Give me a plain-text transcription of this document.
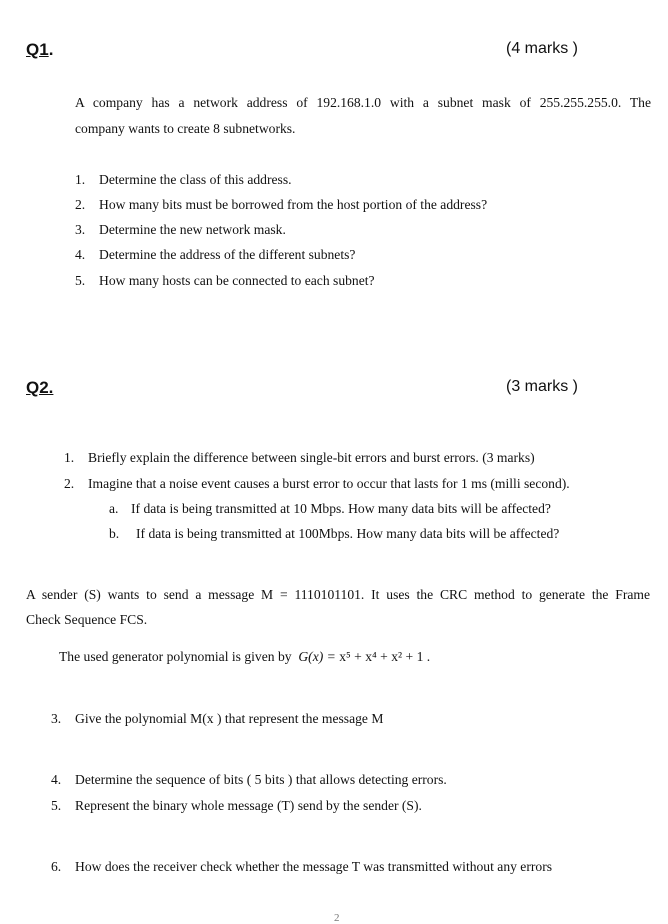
Q1.	(4 marks )
A company has a network address of 192.168.1.0 with a subnet mask of 255.255.255.0. The
company wants to create 8 subnetworks.
1. Determine the class of this address.
2. How many bits must be borrowed from the host portion of the address?
3. Determine the new network mask.
4. Determine the address of the different subnets?
5. How many hosts can be connected to each subnet?
Q2.	(3 marks )
1. Briefly explain the difference between single-bit errors and burst errors. (3 marks)
2. Imagine that a noise event causes a burst error to occur that lasts for 1 ms (milli second).
a. If data is being transmitted at 10 Mbps. How many data bits will be affected?
b. If data is being transmitted at 100Mbps. How many data bits will be affected?
A sender (S) wants to send a message M = 1110101101. It uses the CRC method to generate the Frame
Check Sequence FCS.
The used generator polynomial is given by G(x) = x⁵ + x⁴ + x² + 1 .
3. Give the polynomial M(x ) that represent the message M
4. Determine the sequence of bits ( 5 bits ) that allows detecting errors.
5. Represent the binary whole message (T) send by the sender (S).
6. How does the receiver check whether the message T was transmitted without any errors
2
